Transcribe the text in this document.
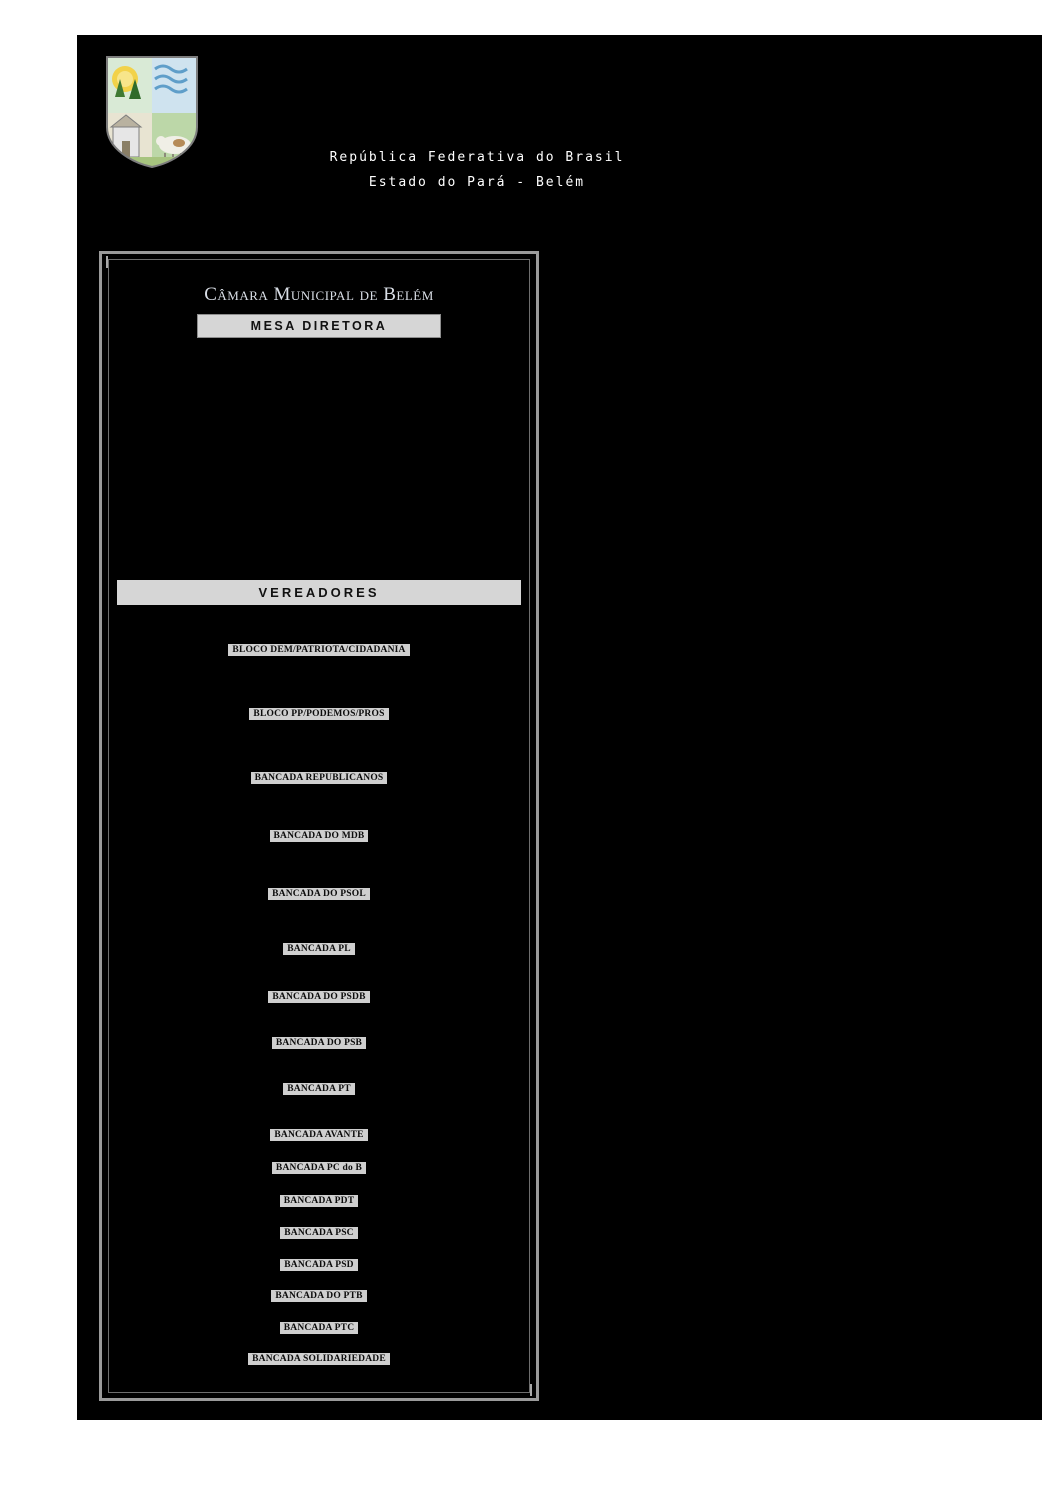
República Federativa do Brasil
Estado do Pará - Belém
Câmara Municipal de Belém
MESA DIRETORA
VEREADORES
BLOCO DEM/PATRIOTA/CIDADANIA
BLOCO PP/PODEMOS/PROS
BANCADA REPUBLICANOS
BANCADA DO MDB
BANCADA DO PSOL
BANCADA PL
BANCADA DO PSDB
BANCADA DO PSB
BANCADA PT
BANCADA AVANTE
BANCADA PC do B
BANCADA PDT
BANCADA PSC
BANCADA PSD
BANCADA DO PTB
BANCADA PTC
BANCADA SOLIDARIEDADE
